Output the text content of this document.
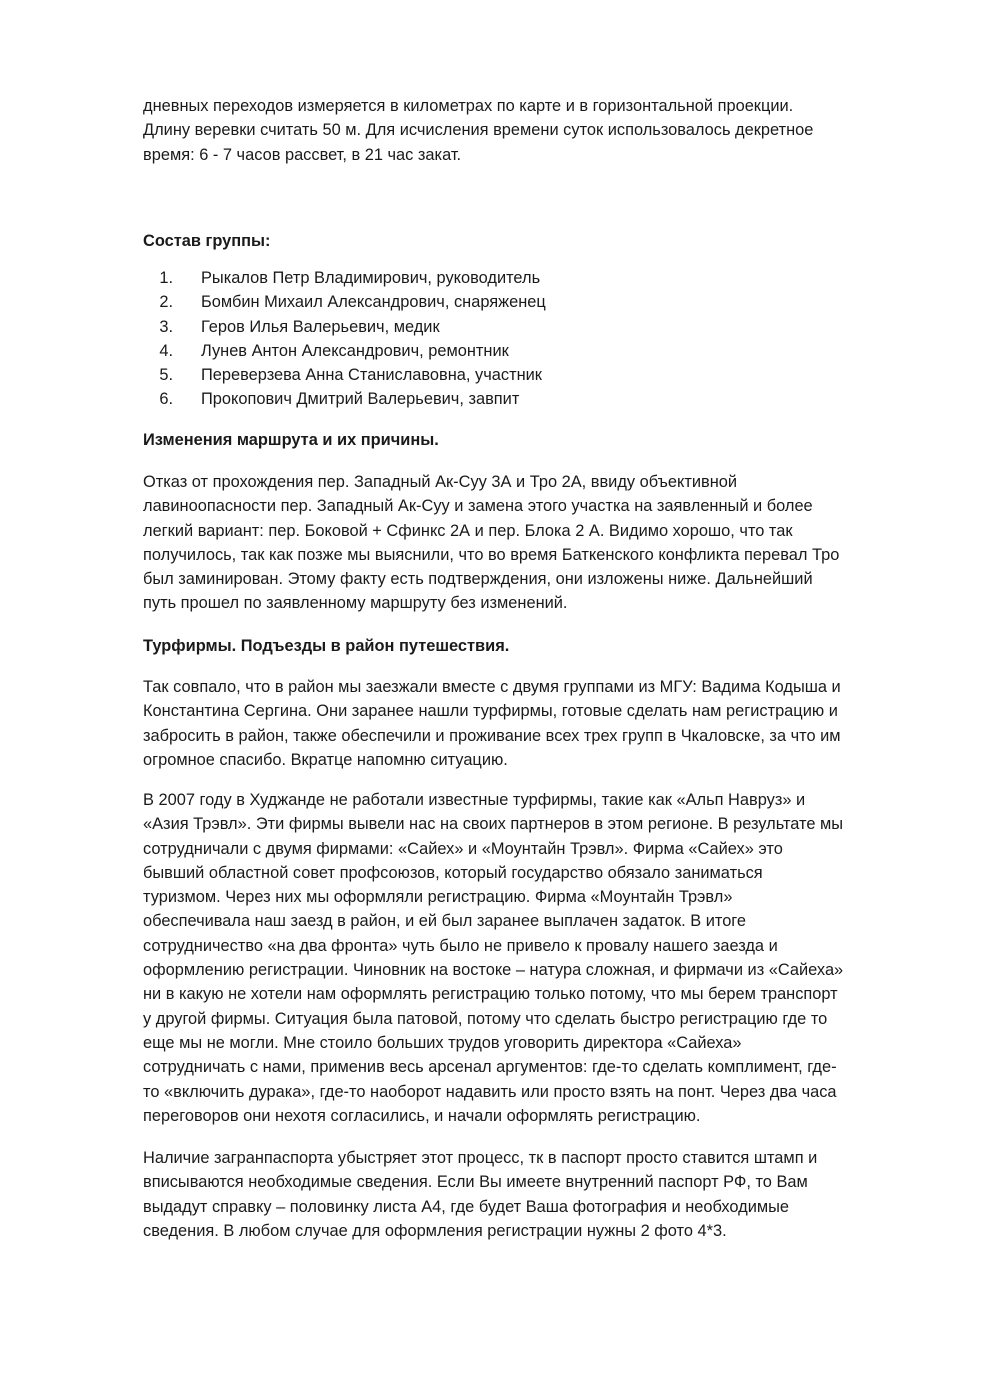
дневных переходов измеряется в километрах по карте и в горизонтальной проекции.
Длину веревки считать 50 м. Для исчисления времени суток использовалось декретное
время: 6 - 7 часов рассвет, в 21 час закат.

Состав группы:

1. Рыкалов Петр Владимирович, руководитель
2. Бомбин Михаил Александрович, снаряженец
3. Геров Илья Валерьевич, медик
4. Лунев Антон Александрович, ремонтник
5. Переверзева Анна Станиславовна, участник
6. Прокопович Дмитрий Валерьевич, завпит

Изменения маршрута и их причины.

Отказ от прохождения пер. Западный Ак-Суу 3А и Тро 2А, ввиду объективной
лавиноопасности пер. Западный Ак-Суу и замена этого участка на заявленный и более
легкий вариант: пер. Боковой + Сфинкс 2А и пер. Блока 2 А. Видимо хорошо, что так
получилось, так как позже мы выяснили, что во время Баткенского конфликта перевал Тро
был заминирован. Этому факту есть подтверждения, они изложены ниже. Дальнейший
путь прошел по заявленному маршруту без изменений.

Турфирмы. Подъезды в район путешествия.

Так совпало, что в район мы заезжали вместе с двумя группами из МГУ: Вадима Кодыша и
Константина Сергина. Они заранее нашли турфирмы, готовые сделать нам регистрацию и
забросить в район, также обеспечили и проживание всех трех групп в Чкаловске, за что им
огромное спасибо. Вкратце напомню ситуацию.

В 2007 году в Худжанде не работали известные турфирмы, такие как «Альп Навруз» и
«Азия Трэвл». Эти фирмы вывели нас на своих партнеров в этом регионе. В результате мы
сотрудничали с двумя фирмами: «Сайех» и «Моунтайн Трэвл». Фирма «Сайех» это
бывший областной совет профсоюзов, который государство обязало заниматься
туризмом. Через них мы оформляли регистрацию. Фирма «Моунтайн Трэвл»
обеспечивала наш заезд в район, и ей был заранее выплачен задаток. В итоге
сотрудничество «на два фронта» чуть было не привело к провалу нашего заезда и
оформлению регистрации. Чиновник на востоке – натура сложная, и фирмачи из «Сайеха»
ни в какую не хотели нам оформлять регистрацию только потому, что мы берем транспорт
у другой фирмы. Ситуация была патовой, потому что сделать быстро регистрацию где то
еще мы не могли. Мне стоило больших трудов уговорить директора «Сайеха»
сотрудничать с нами, применив весь арсенал аргументов: где-то сделать комплимент, где-
то «включить дурака», где-то наоборот надавить или просто взять на понт. Через два часа
переговоров они нехотя согласились, и начали оформлять регистрацию.

Наличие загранпаспорта убыстряет этот процесс, тк в паспорт просто ставится штамп и
вписываются необходимые сведения. Если Вы имеете внутренний паспорт РФ, то Вам
выдадут справку – половинку листа А4, где будет Ваша фотография и необходимые
сведения. В любом случае для оформления регистрации нужны 2 фото 4*3.
